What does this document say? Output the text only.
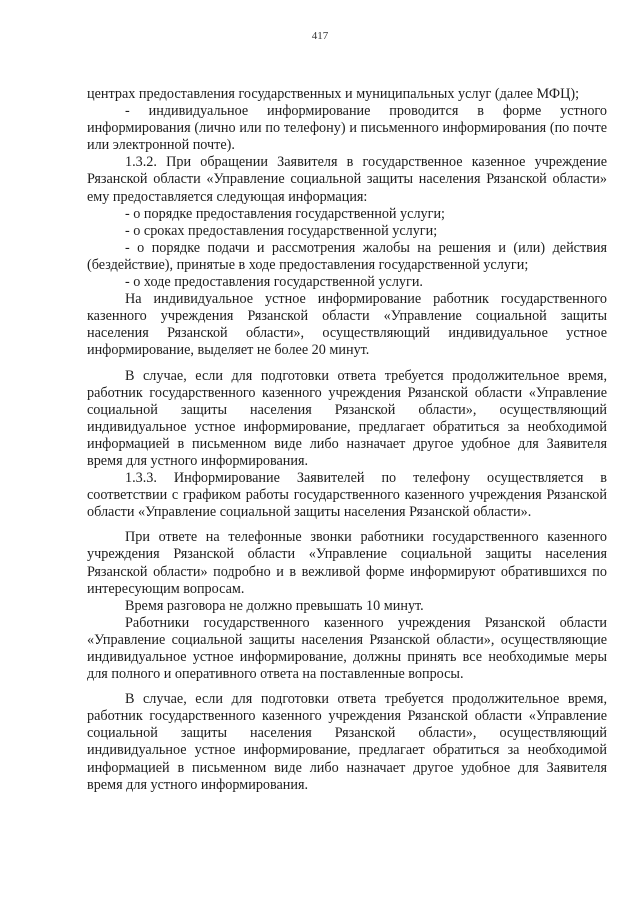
417

центрах предоставления государственных и муниципальных услуг (далее МФЦ);

- индивидуальное информирование проводится в форме устного информирования (лично или по телефону) и письменного информирования (по почте или электронной почте).

1.3.2. При обращении Заявителя в государственное казенное учреждение Рязанской области «Управление социальной защиты населения Рязанской области» ему предоставляется следующая информация:

- о порядке предоставления государственной услуги;

- о сроках предоставления государственной услуги;

- о порядке подачи и рассмотрения жалобы на решения и (или) действия (бездействие), принятые в ходе предоставления государственной услуги;

- о ходе предоставления государственной услуги.

На индивидуальное устное информирование работник государственного казенного учреждения Рязанской области «Управление социальной защиты населения Рязанской области», осуществляющий индивидуальное устное информирование, выделяет не более 20 минут.

В случае, если для подготовки ответа требуется продолжительное время, работник государственного казенного учреждения Рязанской области «Управление социальной защиты населения Рязанской области», осуществляющий индивидуальное устное информирование, предлагает обратиться за необходимой информацией в письменном виде либо назначает другое удобное для Заявителя время для устного информирования.

1.3.3. Информирование Заявителей по телефону осуществляется в соответствии с графиком работы государственного казенного учреждения Рязанской области «Управление социальной защиты населения Рязанской области».

При ответе на телефонные звонки работники государственного казенного учреждения Рязанской области «Управление социальной защиты населения Рязанской области» подробно и в вежливой форме информируют обратившихся по интересующим вопросам.

Время разговора не должно превышать 10 минут.

Работники государственного казенного учреждения Рязанской области «Управление социальной защиты населения Рязанской области», осуществляющие индивидуальное устное информирование, должны принять все необходимые меры для полного и оперативного ответа на поставленные вопросы.

В случае, если для подготовки ответа требуется продолжительное время, работник государственного казенного учреждения Рязанской области «Управление социальной защиты населения Рязанской области», осуществляющий индивидуальное устное информирование, предлагает обратиться за необходимой информацией в письменном виде либо назначает другое удобное для Заявителя время для устного информирования.
